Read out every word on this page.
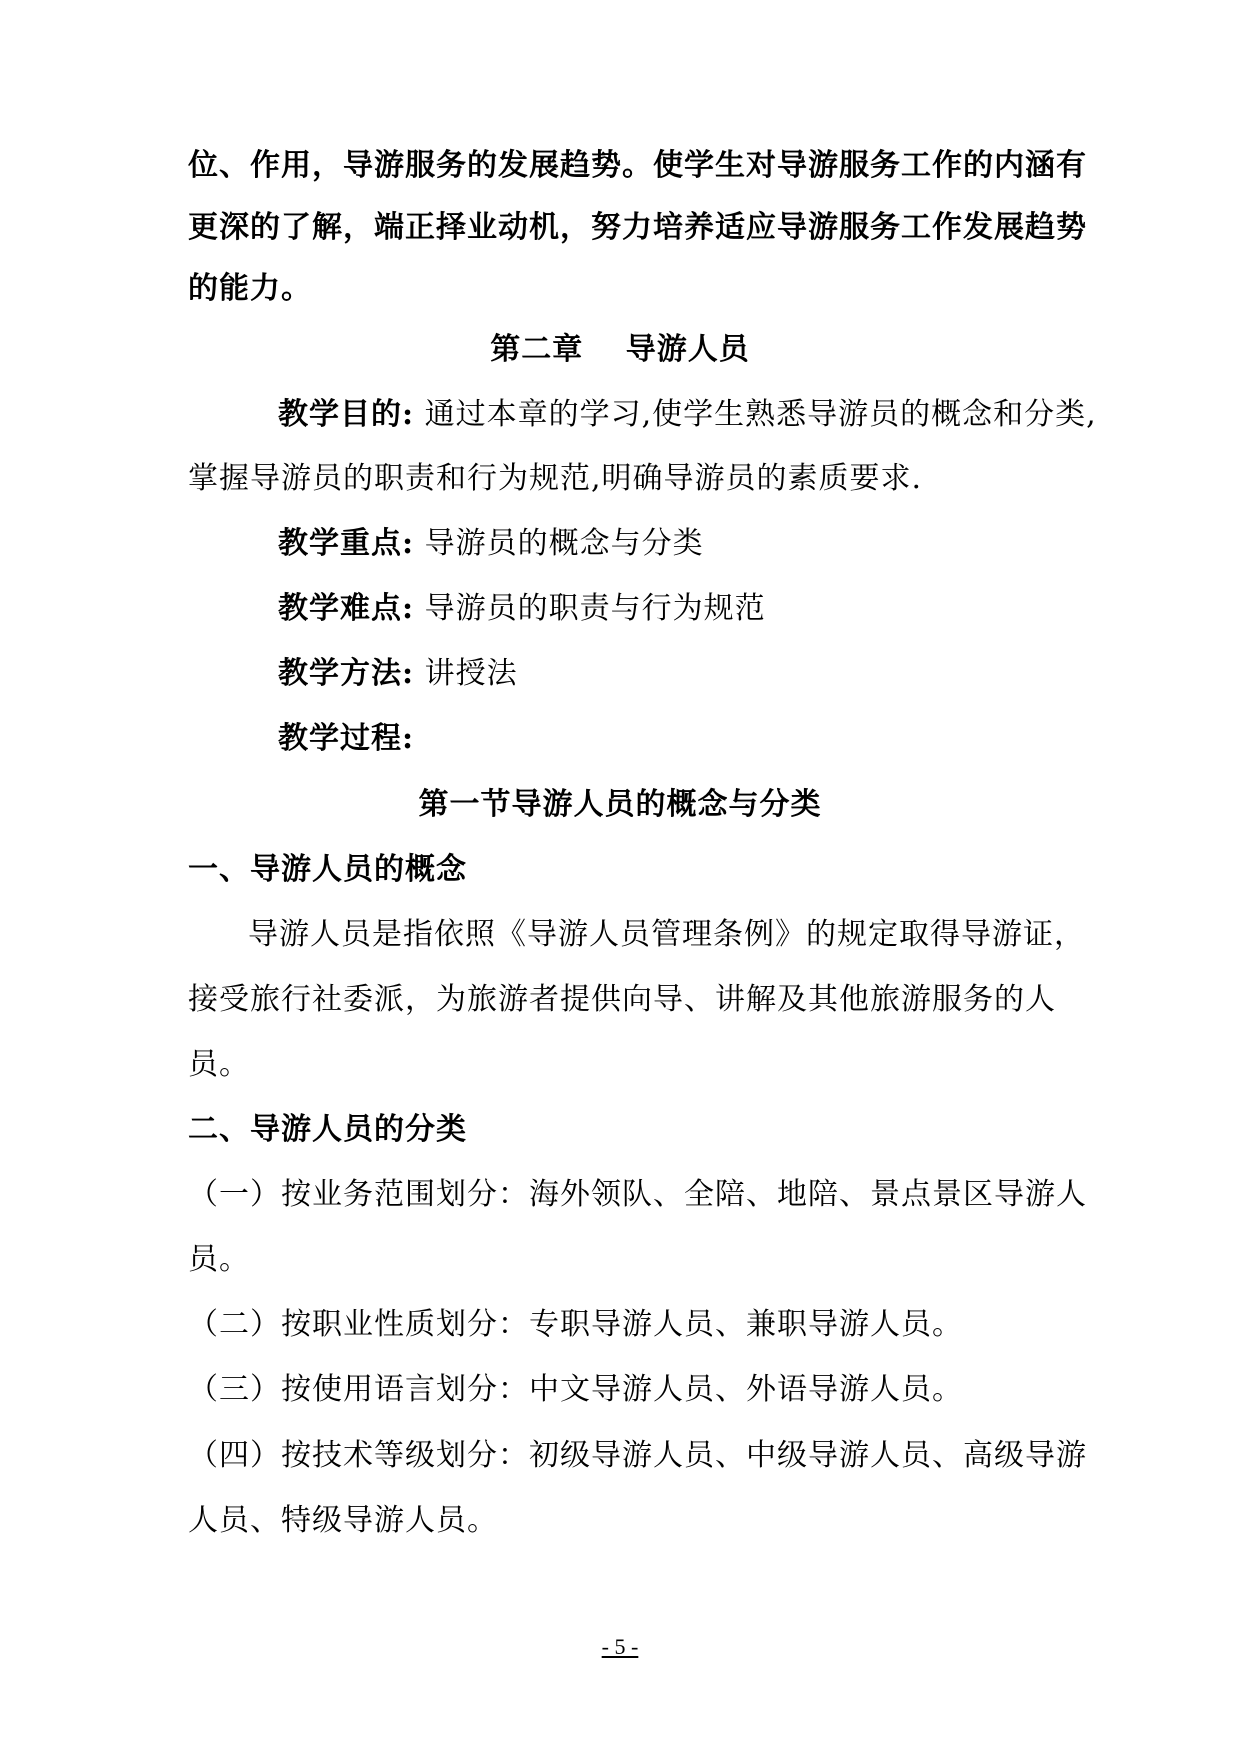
位、作用，导游服务的发展趋势。使学生对导游服务工作的内涵有
更深的了解，端正择业动机，努力培养适应导游服务工作发展趋势
的能力。
第二章　 导游人员
教学目的: 通过本章的学习,使学生熟悉导游员的概念和分类,
掌握导游员的职责和行为规范,明确导游员的素质要求.
教学重点: 导游员的概念与分类
教学难点: 导游员的职责与行为规范
教学方法: 讲授法
教学过程:
第一节导游人员的概念与分类
一、导游人员的概念
导游人员是指依照《导游人员管理条例》的规定取得导游证，
接受旅行社委派，为旅游者提供向导、讲解及其他旅游服务的人
员。
二、导游人员的分类
（一）按业务范围划分：海外领队、全陪、地陪、景点景区导游人
员。
（二）按职业性质划分：专职导游人员、兼职导游人员。
（三）按使用语言划分：中文导游人员、外语导游人员。
（四）按技术等级划分：初级导游人员、中级导游人员、高级导游
人员、特级导游人员。
- 5 -
